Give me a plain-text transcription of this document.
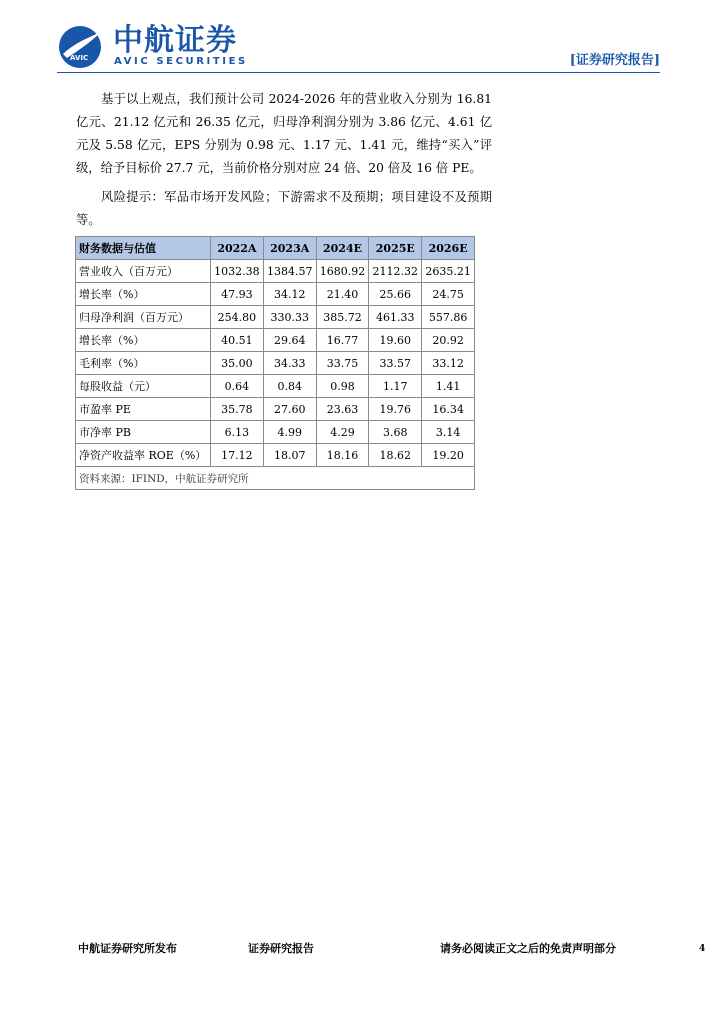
AVIC 中航证券
AVIC SECURITIES	[证券研究报告]
基于以上观点，我们预计公司 2024-2026 年的营业收入分别为 16.81 亿元、21.12 亿元和 26.35 亿元，归母净利润分别为 3.86 亿元、4.61 亿元及 5.58 亿元，EPS 分别为 0.98 元、1.17 元、1.41 元，维持“买入”评级，给予目标价 27.7 元，当前价格分别对应 24 倍、20 倍及 16 倍 PE。
风险提示：军品市场开发风险；下游需求不及预期；项目建设不及预期等。
财务数据与估值	2022A	2023A	2024E	2025E	2026E
营业收入（百万元）	1032.38	1384.57	1680.92	2112.32	2635.21
增长率（%）	47.93	34.12	21.40	25.66	24.75
归母净利润（百万元）	254.80	330.33	385.72	461.33	557.86
增长率（%）	40.51	29.64	16.77	19.60	20.92
毛利率（%）	35.00	34.33	33.75	33.57	33.12
每股收益（元）	0.64	0.84	0.98	1.17	1.41
市盈率 PE	35.78	27.60	23.63	19.76	16.34
市净率 PB	6.13	4.99	4.29	3.68	3.14
净资产收益率 ROE（%）	17.12	18.07	18.16	18.62	19.20
资料来源：IFIND，中航证券研究所					
中航证券研究所发布	证券研究报告	请务必阅读正文之后的免责声明部分	4
